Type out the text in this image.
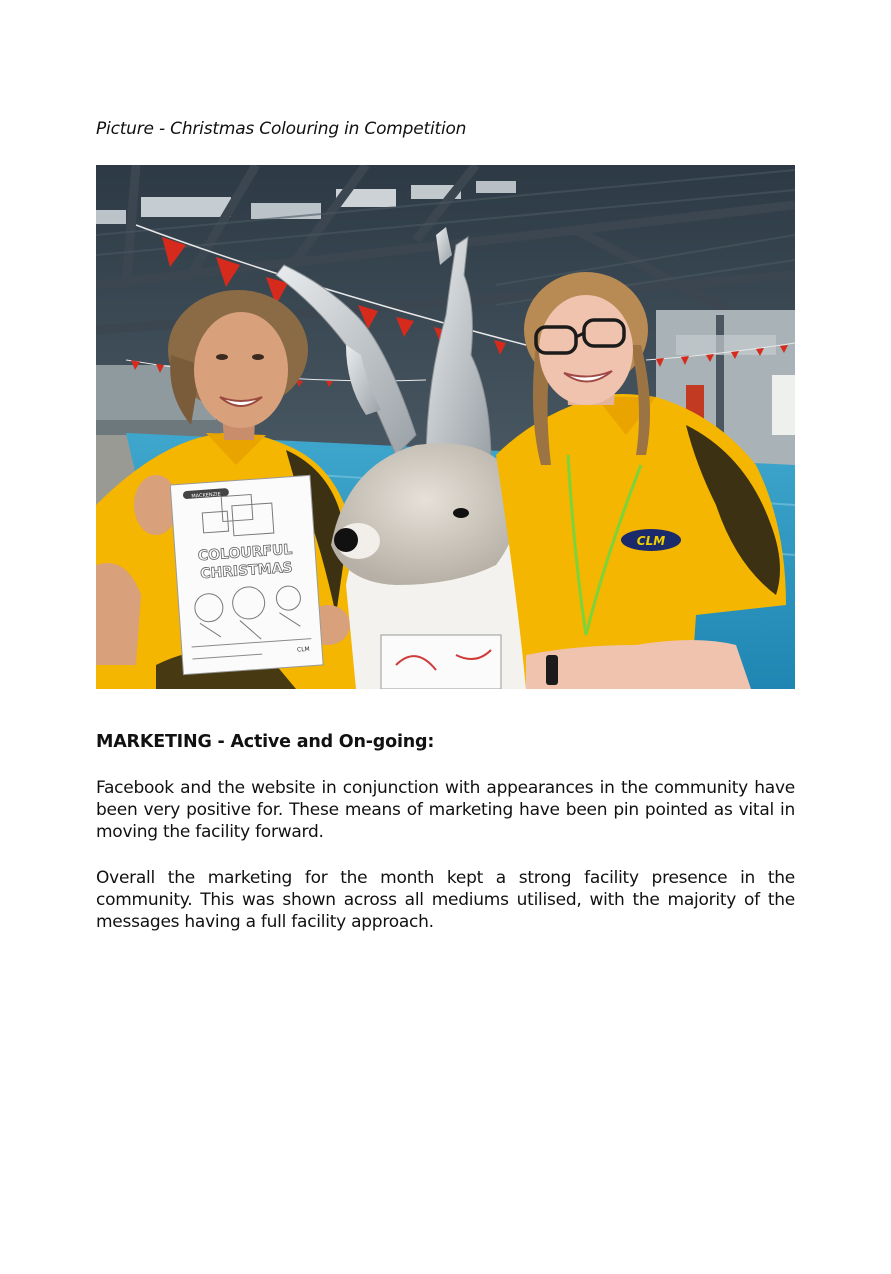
Picture - Christmas Colouring in Competition
MACKENZIE
COLOURFUL
CHRISTMAS
CLM
CLM
MARKETING - Active and On-going:

Facebook and the website in conjunction with appearances in the community have been very positive for. These means of marketing have been pin pointed as vital in moving the facility forward.

Overall the marketing for the month kept a strong facility presence in the community. This was shown across all mediums utilised, with the majority of the messages having a full facility approach.
